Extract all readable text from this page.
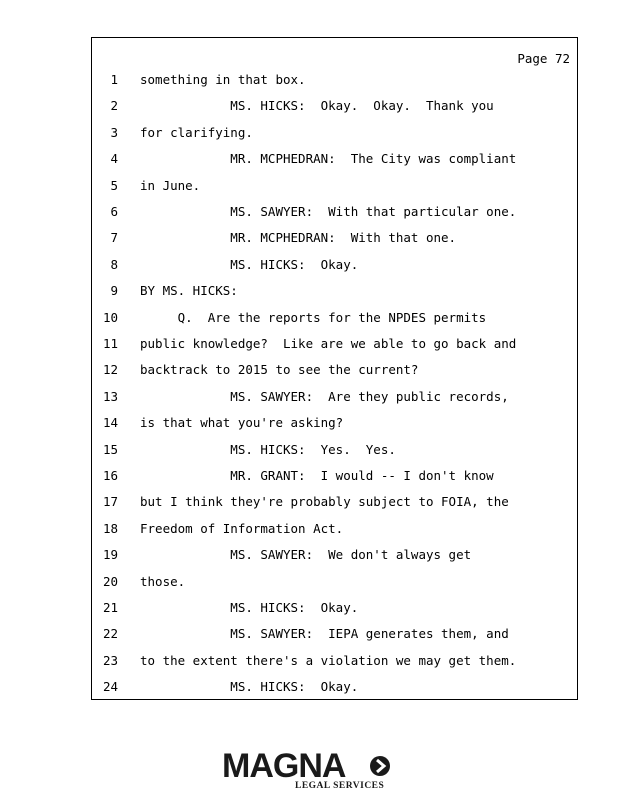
Page 72
1 something in that box.
2 MS. HICKS:  Okay.  Okay.  Thank you
3 for clarifying.
4 MR. MCPHEDRAN:  The City was compliant
5 in June.
6 MS. SAWYER:  With that particular one.
7 MR. MCPHEDRAN:  With that one.
8 MS. HICKS:  Okay.
9 BY MS. HICKS:
10 Q.  Are the reports for the NPDES permits
11 public knowledge?  Like are we able to go back and
12 backtrack to 2015 to see the current?
13 MS. SAWYER:  Are they public records,
14 is that what you're asking?
15 MS. HICKS:  Yes.  Yes.
16 MR. GRANT:  I would -- I don't know
17 but I think they're probably subject to FOIA, the
18 Freedom of Information Act.
19 MS. SAWYER:  We don't always get
20 those.
21 MS. HICKS:  Okay.
22 MS. SAWYER:  IEPA generates them, and
23 to the extent there's a violation we may get them.
24 MS. HICKS:  Okay.
MAGNA
LEGAL SERVICES
